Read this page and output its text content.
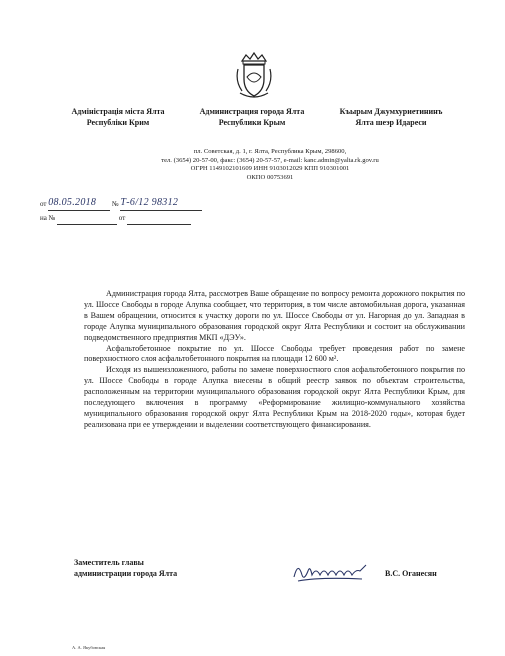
Адміністрація міста Ялта
Республіки Крим
Администрация города Ялта
Республики Крым
Къырым Джумхуриетининъ
Ялта шеэр Идареси
пл. Советская, д. 1, г. Ялта, Республика Крым, 298600,
тел. (3654) 20-57-00, факс: (3654) 20-57-57, e-mail: kanc.admin@yalta.rk.gov.ru
ОГРН 1149102101609 ИНН 9103012029 КПП 910301001
ОКПО 00753691
от 08.05.2018 № Т-6/12 98312
на №	от

Администрация города Ялта, рассмотрев Ваше обращение по вопросу ремонта дорожного покрытия по ул. Шоссе Свободы в городе Алупка сообщает, что территория, в том числе автомобильная дорога, указанная в Вашем обращении, относится к участку дороги по ул. Шоссе Свободы от ул. Нагорная до ул. Западная в городе Алупка муниципального образования городской округ Ялта Республики и состоит на обслуживании подведомственного предприятия МКП «ДЭУ».

Асфальтобетонное покрытие по ул. Шоссе Свободы требует проведения работ по замене поверхностного слоя асфальтобетонного покрытия на площади 12 600 м².

Исходя из вышеизложенного, работы по замене поверхностного слоя асфальтобетонного покрытия по ул. Шоссе Свободы в городе Алупка внесены в общий реестр заявок по объектам строительства, расположенным на территории муниципального образования городской округ Ялта Республики Крым, для последующего включения в программу «Реформирование жилищно-коммунального хозяйства муниципального образования городской округ Ялта Республики Крым на 2018-2020 годы», которая будет реализована при ее утверждении и выделении соответствующего финансирования.

Заместитель главы
администрации города Ялта	В.С. Оганесян
А. А. Якубовская
